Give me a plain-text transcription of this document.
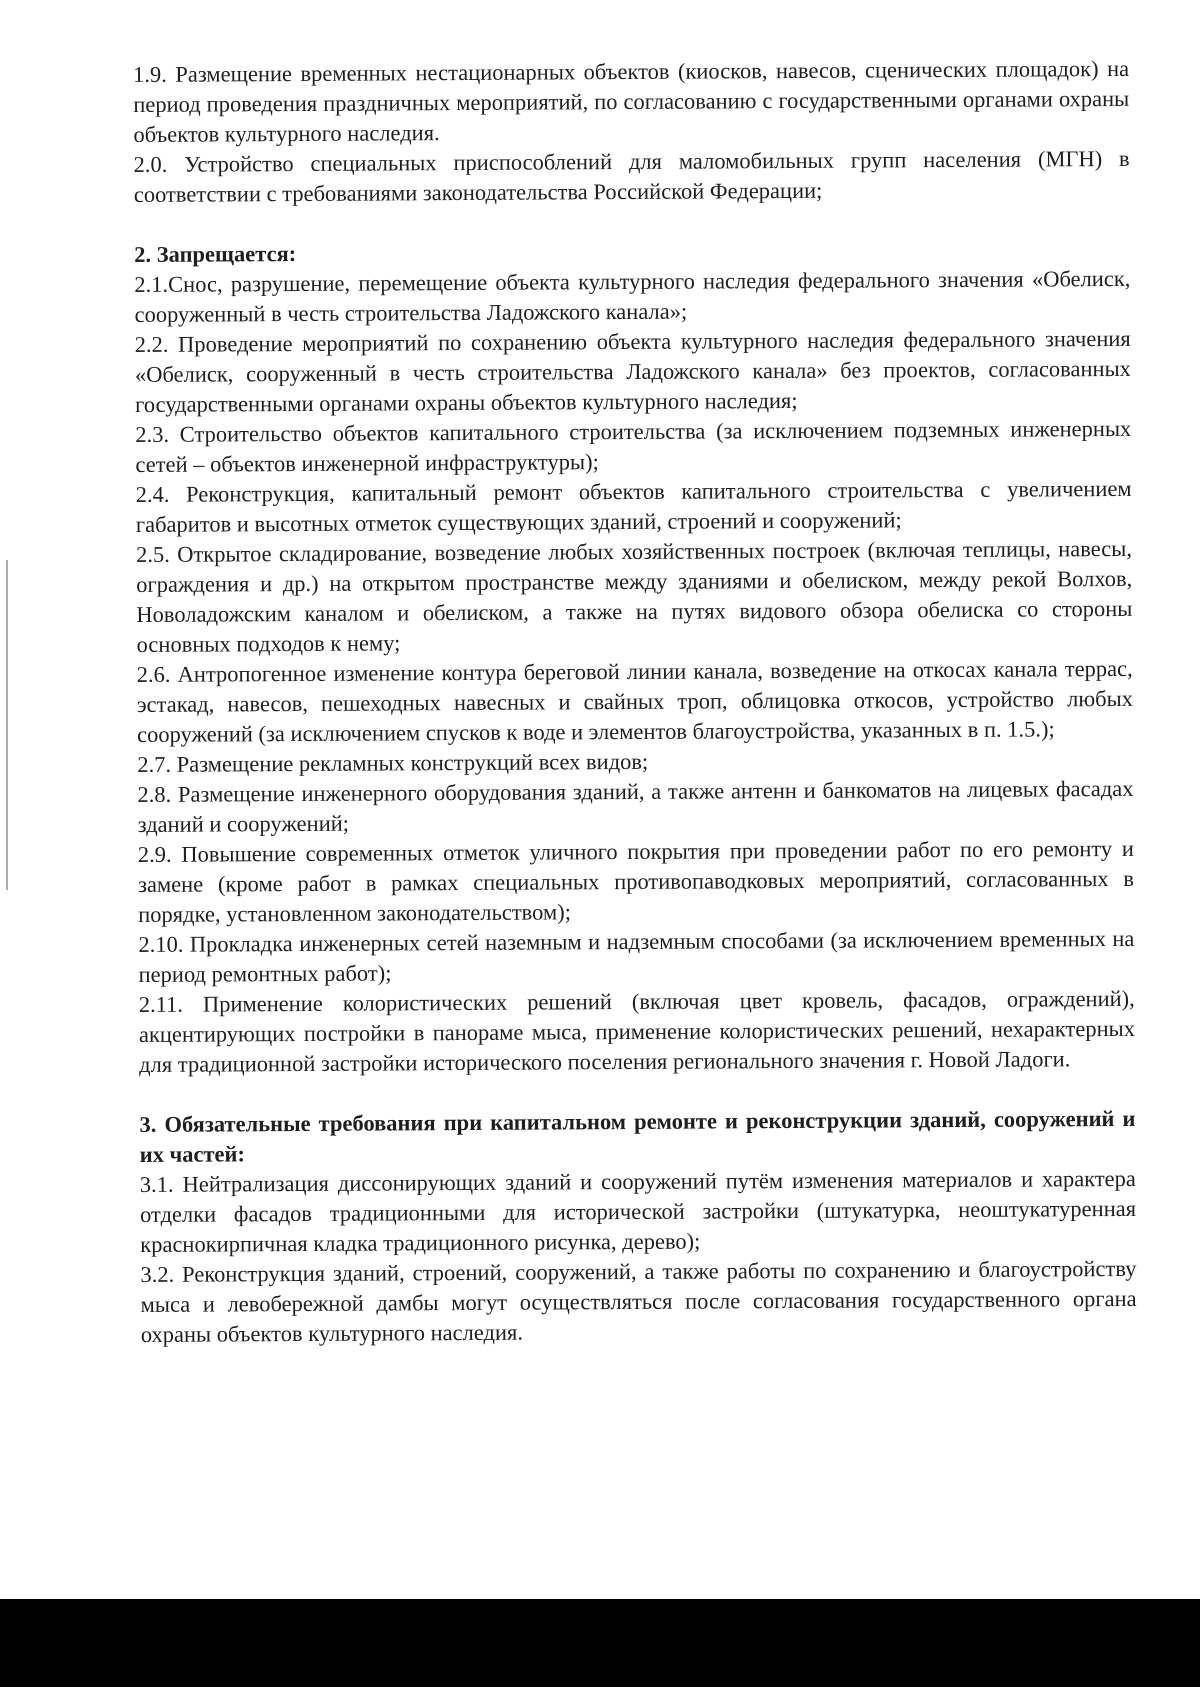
1.9. Размещение временных нестационарных объектов (киосков, навесов, сценических площадок) на период проведения праздничных мероприятий, по согласованию с государственными органами охраны объектов культурного наследия.

2.0. Устройство специальных приспособлений для маломобильных групп населения (МГН) в соответствии с требованиями законодательства Российской Федерации;

2. Запрещается:

2.1.Снос, разрушение, перемещение объекта культурного наследия федерального значения «Обелиск, сооруженный в честь строительства Ладожского канала»;

2.2. Проведение мероприятий по сохранению объекта культурного наследия федерального значения «Обелиск, сооруженный в честь строительства Ладожского канала» без проектов, согласованных государственными органами охраны объектов культурного наследия;

2.3. Строительство объектов капитального строительства (за исключением подземных инженерных сетей – объектов инженерной инфраструктуры);

2.4. Реконструкция, капитальный ремонт объектов капитального строительства с увеличением габаритов и высотных отметок существующих зданий, строений и сооружений;

2.5. Открытое складирование, возведение любых хозяйственных построек (включая теплицы, навесы, ограждения и др.) на открытом пространстве между зданиями и обелиском, между рекой Волхов, Новоладожским каналом и обелиском, а также на путях видового обзора обелиска со стороны основных подходов к нему;

2.6. Антропогенное изменение контура береговой линии канала, возведение на откосах канала террас, эстакад, навесов, пешеходных навесных и свайных троп, облицовка откосов, устройство любых сооружений (за исключением спусков к воде и элементов благоустройства, указанных в п. 1.5.);

2.7. Размещение рекламных конструкций всех видов;

2.8. Размещение инженерного оборудования зданий, а также антенн и банкоматов на лицевых фасадах зданий и сооружений;

2.9. Повышение современных отметок уличного покрытия при проведении работ по его ремонту и замене (кроме работ в рамках специальных противопаводковых мероприятий, согласованных в порядке, установленном законодательством);

2.10. Прокладка инженерных сетей наземным и надземным способами (за исключением временных на период ремонтных работ);

2.11. Применение колористических решений (включая цвет кровель, фасадов, ограждений), акцентирующих постройки в панораме мыса, применение колористических решений, нехарактерных для традиционной застройки исторического поселения регионального значения г. Новой Ладоги.

3. Обязательные требования при капитальном ремонте и реконструкции зданий, сооружений и их частей:

3.1. Нейтрализация диссонирующих зданий и сооружений путём изменения материалов и характера отделки фасадов традиционными для исторической застройки (штукатурка, неоштукатуренная краснокирпичная кладка традиционного рисунка, дерево);

3.2. Реконструкция зданий, строений, сооружений, а также работы по сохранению и благоустройству мыса и левобережной дамбы могут осуществляться после согласования государственного органа охраны объектов культурного наследия.
